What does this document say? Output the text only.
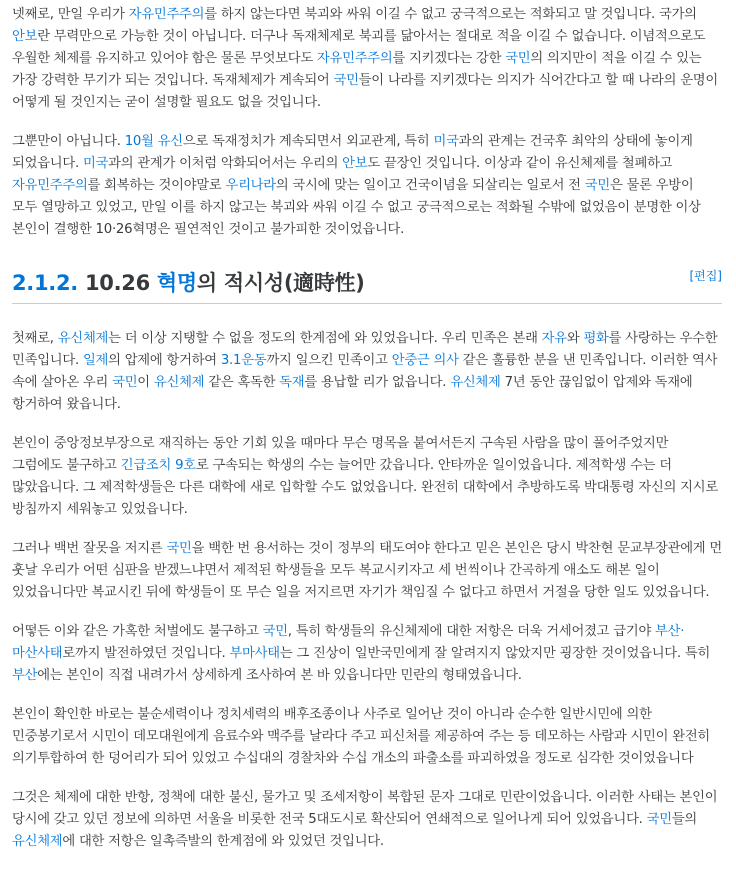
넷째로, 만일 우리가 자유민주주의를 하지 않는다면 북괴와 싸워 이길 수 없고 궁극적으로는 적화되고 말 것입니다. 국가의 안보란 무력만으로 가능한 것이 아닙니다. 더구나 독재체제로 북괴를 닮아서는 절대로 적을 이길 수 없습니다. 이념적으로도 우월한 체제를 유지하고 있어야 함은 물론 무엇보다도 자유민주주의를 지키겠다는 강한 국민의 의지만이 적을 이길 수 있는 가장 강력한 무기가 되는 것입니다. 독재체제가 계속되어 국민들이 나라를 지키겠다는 의지가 식어간다고 할 때 나라의 운명이 어떻게 될 것인지는 굳이 설명할 필요도 없을 것입니다.

그뿐만이 아닙니다. 10월 유신으로 독재정치가 계속되면서 외교관계, 특히 미국과의 관계는 건국후 최악의 상태에 놓이게 되었읍니다. 미국과의 관계가 이처럼 악화되어서는 우리의 안보도 끝장인 것입니다. 이상과 같이 유신체제를 철폐하고 자유민주주의를 회복하는 것이야말로 우리나라의 국시에 맞는 일이고 건국이념을 되살리는 일로서 전 국민은 물론 우방이 모두 열망하고 있었고, 만일 이를 하지 않고는 북괴와 싸워 이길 수 없고 궁극적으로는 적화될 수밖에 없었음이 분명한 이상 본인이 결행한 10·26혁명은 필연적인 것이고 불가피한 것이었읍니다.

2.1.2. 10.26 혁명의 적시성(適時性)	[편집]

첫째로, 유신체제는 더 이상 지탱할 수 없을 정도의 한계점에 와 있었읍니다. 우리 민족은 본래 자유와 평화를 사랑하는 우수한 민족입니다. 일제의 압제에 항거하여 3.1운동까지 일으킨 민족이고 안중근 의사 같은 훌륭한 분을 낸 민족입니다. 이러한 역사 속에 살아온 우리 국민이 유신체제 같은 혹독한 독재를 용납할 리가 없읍니다. 유신체제 7년 동안 끊임없이 압제와 독재에 항거하여 왔읍니다.

본인이 중앙정보부장으로 재직하는 동안 기회 있을 때마다 무슨 명목을 붙여서든지 구속된 사람을 많이 풀어주었지만 그럼에도 불구하고 긴급조치 9호로 구속되는 학생의 수는 늘어만 갔읍니다. 안타까운 일이었읍니다. 제적학생 수는 더 많았읍니다. 그 제적학생들은 다른 대학에 새로 입학할 수도 없었읍니다. 완전히 대학에서 추방하도록 박대통령 자신의 지시로 방침까지 세워놓고 있었읍니다.

그러나 백번 잘못을 저지른 국민을 백한 번 용서하는 것이 정부의 태도여야 한다고 믿은 본인은 당시 박찬현 문교부장관에게 먼 훗날 우리가 어떤 심판을 받겠느냐면서 제적된 학생들을 모두 복교시키자고 세 번씩이나 간곡하게 애소도 해본 일이 있었읍니다만 복교시킨 뒤에 학생들이 또 무슨 일을 저지르면 자기가 책임질 수 없다고 하면서 거절을 당한 일도 있었읍니다.

어떻든 이와 같은 가혹한 처벌에도 불구하고 국민, 특히 학생들의 유신체제에 대한 저항은 더욱 거세어졌고 급기야 부산·마산사태로까지 발전하였던 것입니다. 부마사태는 그 진상이 일반국민에게 잘 알려지지 않았지만 굉장한 것이었읍니다. 특히 부산에는 본인이 직접 내려가서 상세하게 조사하여 본 바 있읍니다만 민란의 형태였읍니다.

본인이 확인한 바로는 불순세력이나 정치세력의 배후조종이나 사주로 일어난 것이 아니라 순수한 일반시민에 의한 민중봉기로서 시민이 데모대원에게 음료수와 맥주를 날라다 주고 피신처를 제공하여 주는 등 데모하는 사람과 시민이 완전히 의기투합하여 한 덩어리가 되어 있었고 수십대의 경찰차와 수십 개소의 파출소를 파괴하였을 정도로 심각한 것이었읍니다

그것은 체제에 대한 반항, 정책에 대한 불신, 물가고 및 조세저항이 복합된 문자 그대로 민란이었읍니다. 이러한 사태는 본인이 당시에 갖고 있던 정보에 의하면 서울을 비롯한 전국 5대도시로 확산되어 연쇄적으로 일어나게 되어 있었읍니다. 국민들의 유신체제에 대한 저항은 일촉즉발의 한계점에 와 있었던 것입니다.
